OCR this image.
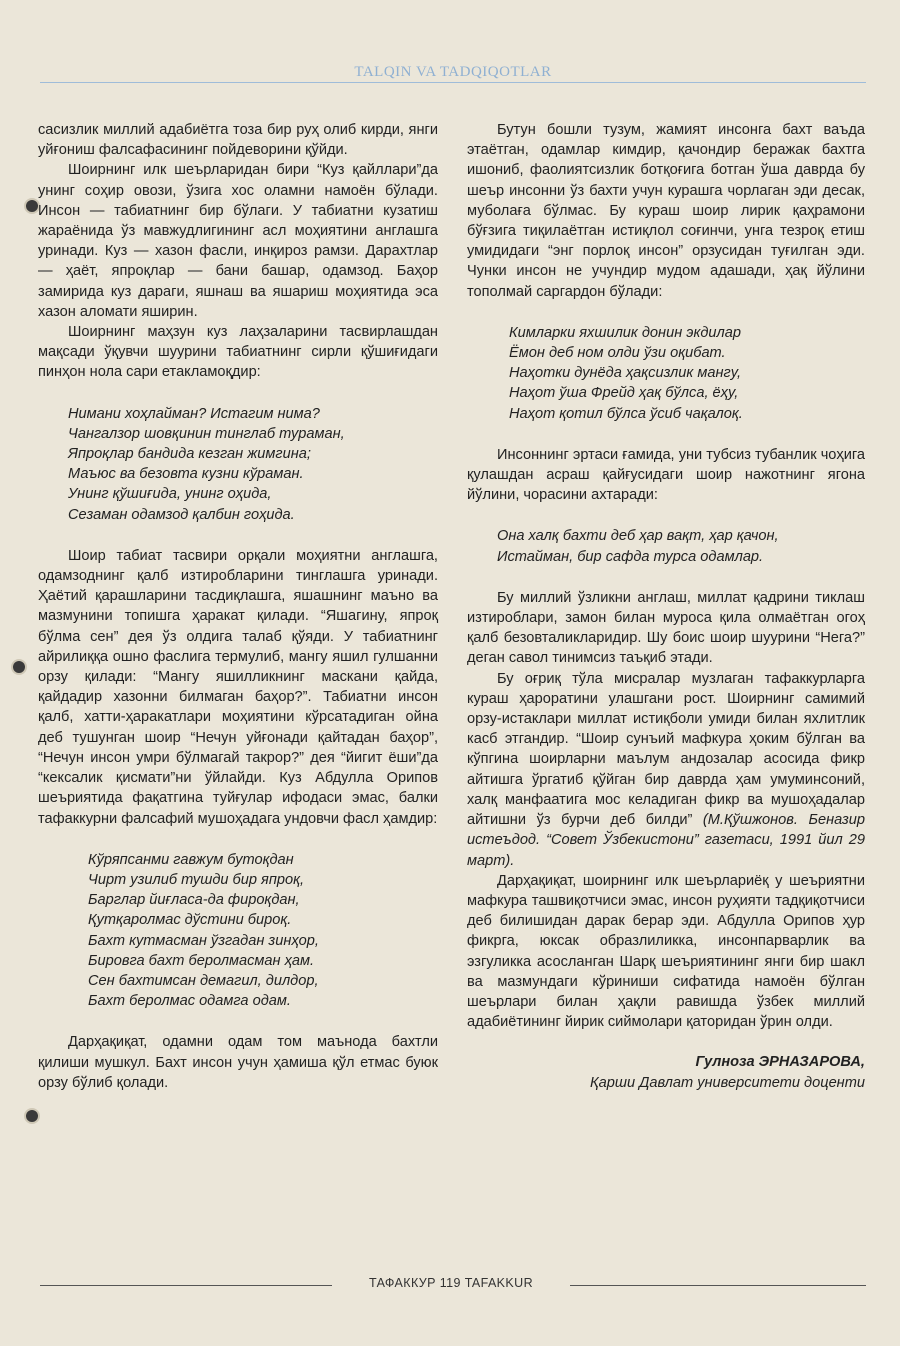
TALQIN VA TADQIQOTLAR

сасизлик миллий адабиётга тоза бир руҳ олиб кирди, янги уйғониш фалсафасининг пойдеворини қўйди.

Шоирнинг илк шеърларидан бири “Куз қайллари”да унинг соҳир овози, ўзига хос оламни намоён бўлади. Инсон — табиатнинг бир бўлаги. У табиатни кузатиш жараёнида ўз мавжудлигининг асл моҳиятини англашга уринади. Куз — хазон фасли, инқироз рамзи. Дарахтлар — ҳаёт, япроқлар — бани башар, одамзод. Баҳор замирида куз дараги, яшнаш ва яшариш моҳиятида эса хазон аломати яширин.

Шоирнинг маҳзун куз лаҳзаларини тасвирлашдан мақсади ўқувчи шуурини табиатнинг сирли қўшиғидаги пинҳон нола сари етакламоқдир:

Нимани хоҳлайман? Истагим нима?
Чангалзор шовқинин тинглаб тураман,
Япроқлар бандида кезган жимгина;
Маъюс ва безовта кузни кўраман.
Унинг қўшиғида, унинг оҳида,
Сезаман одамзод қалбин гоҳида.

Шоир табиат тасвири орқали моҳиятни англашга, одамзоднинг қалб изтиробларини тинглашга уринади. Ҳаётий қарашларини тасдиқлашга, яшашнинг маъно ва мазмунини топишга ҳаракат қилади. “Яшагину, япроқ бўлма сен” дея ўз олдига талаб қўяди. У табиатнинг айрилиққа ошно фаслига термулиб, мангу яшил гулшанни орзу қилади: “Мангу яшилликнинг маскани қайда, қайдадир хазонни билмаган баҳор?”. Табиатни инсон қалб, хатти-ҳаракатлари моҳиятини кўрсатадиган ойна деб тушунган шоир “Нечун уйғонади қайтадан баҳор”, “Нечун инсон умри бўлмагай такрор?” дея “йигит ёши”да “кексалик қисмати”ни ўйлайди. Куз Абдулла Орипов шеъриятида фақатгина туйғулар ифодаси эмас, балки тафаккурни фалсафий мушоҳадага ундовчи фасл ҳамдир:

Кўряпсанми гавжум бутоқдан
Чирт узилиб тушди бир япроқ,
Барглар йиғласа-да фироқдан,
Қутқаролмас дўстини бироқ.
Бахт кутмасман ўзгадан зинҳор,
Бировга бахт беролмасман ҳам.
Сен бахтимсан демагил, дилдор,
Бахт беролмас одамга одам.

Дарҳақиқат, одамни одам том маънода бахтли қилиши мушкул. Бахт инсон учун ҳамиша қўл етмас буюк орзу бўлиб қолади.

Бутун бошли тузум, жамият инсонга бахт ваъда этаётган, одамлар кимдир, қачондир беражак бахтга ишониб, фаолиятсизлик ботқоғига ботган ўша даврда бу шеър инсонни ўз бахти учун курашга чорлаган эди десак, муболаға бўлмас. Бу кураш шоир лирик қаҳрамони бўғзига тиқилаётган истиқлол соғинчи, унга тезроқ етиш умидидаги “энг порлоқ инсон” орзусидан туғилган эди. Чунки инсон не учундир мудом адашади, ҳақ йўлини тополмай саргардон бўлади:

Кимларки яхшилик донин экдилар
Ёмон деб ном олди ўзи оқибат.
Наҳотки дунёда ҳақсизлик мангу,
Наҳот ўша Фрейд ҳақ бўлса, ёҳу,
Наҳот қотил бўлса ўсиб чақалоқ.

Инсоннинг эртаси ғамида, уни тубсиз тубанлик чоҳига қулашдан асраш қайғусидаги шоир нажотнинг ягона йўлини, чорасини ахтаради:

Она халқ бахти деб ҳар вақт, ҳар қачон,
Истайман, бир сафда турса одамлар.

Бу миллий ўзликни англаш, миллат қадрини тиклаш изтироблари, замон билан муроса қила олмаётган огоҳ қалб безовталикларидир. Шу боис шоир шуурини “Нега?” деган савол тинимсиз таъқиб этади.

Бу оғриқ тўла мисралар музлаган тафаккурларга кураш ҳароратини улашгани рост. Шоирнинг самимий орзу-истаклари миллат истиқболи умиди билан яхлитлик касб этгандир. “Шоир сунъий мафкура ҳоким бўлган ва кўпгина шоирларни маълум андозалар асосида фикр айтишга ўргатиб қўйган бир даврда ҳам умуминсоний, халқ манфаатига мос келадиган фикр ва мушоҳадалар айтишни ўз бурчи деб билди” (М.Қўшжонов. Беназир истеъдод. “Совет Ўзбекистони” газетаси, 1991 йил 29 март).

Дарҳақиқат, шоирнинг илк шеърлариёқ у шеъриятни мафкура ташвиқотчиси эмас, инсон руҳияти тадқиқотчиси деб билишидан дарак берар эди. Абдулла Орипов ҳур фикрга, юксак образлиликка, инсонпарварлик ва эзгуликка асосланган Шарқ шеъриятининг янги бир шакл ва мазмундаги кўриниши сифатида намоён бўлган шеърлари билан ҳақли равишда ўзбек миллий адабиётининг йирик сиймолари қаторидан ўрин олди.

Гулноза ЭРНАЗАРОВА,
Қарши Давлат университети доценти
ТАФАККУР 119 TAFAKKUR
